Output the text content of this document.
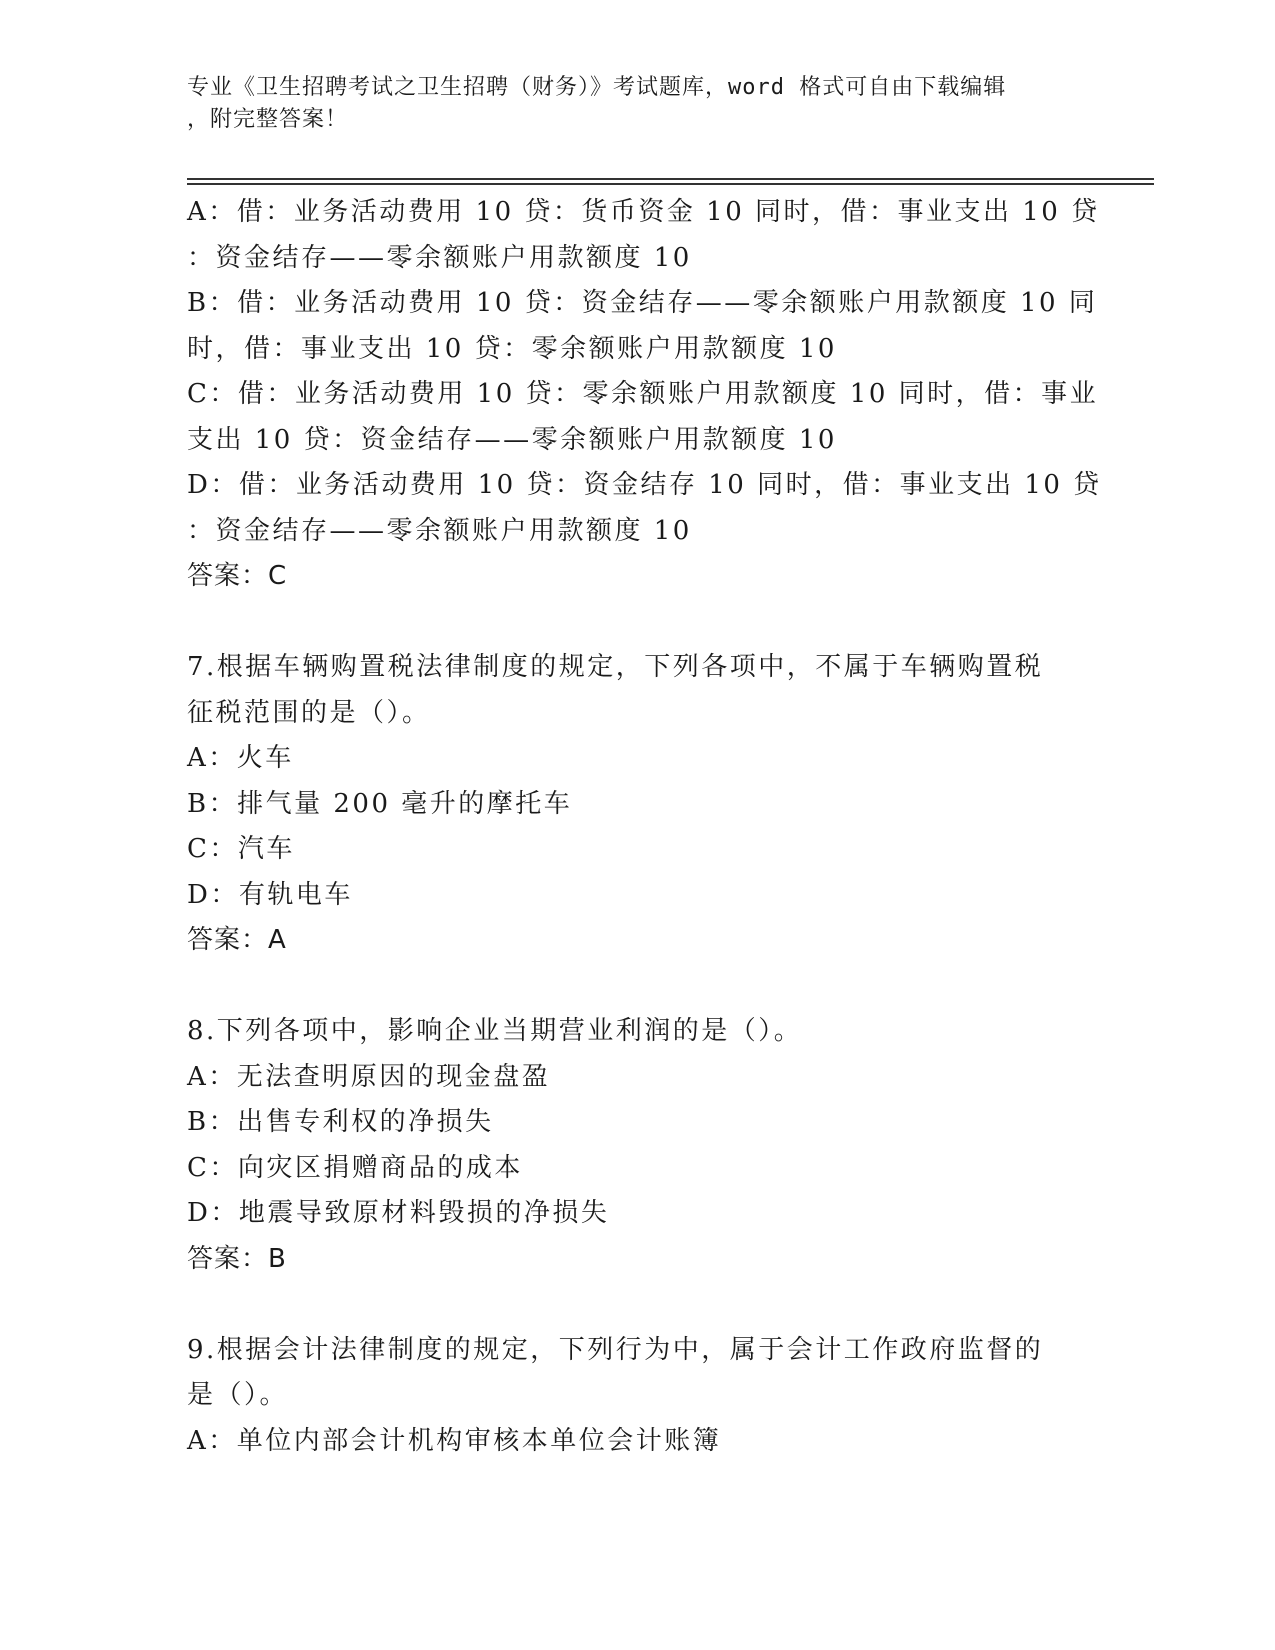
专业《卫生招聘考试之卫生招聘（财务）》考试题库，word 格式可自由下载编辑
，附完整答案！
A：借：业务活动费用 10 贷：货币资金 10 同时，借：事业支出 10 贷
：资金结存——零余额账户用款额度 10
B：借：业务活动费用 10 贷：资金结存——零余额账户用款额度 10 同
时，借：事业支出 10 贷：零余额账户用款额度 10
C：借：业务活动费用 10 贷：零余额账户用款额度 10 同时，借：事业
支出 10 贷：资金结存——零余额账户用款额度 10
D：借：业务活动费用 10 贷：资金结存 10 同时，借：事业支出 10 贷
：资金结存——零余额账户用款额度 10
答案：C
7.根据车辆购置税法律制度的规定，下列各项中，不属于车辆购置税
征税范围的是（）。
A：火车
B：排气量 200 毫升的摩托车
C：汽车
D：有轨电车
答案：A
8.下列各项中，影响企业当期营业利润的是（）。
A：无法查明原因的现金盘盈
B：出售专利权的净损失
C：向灾区捐赠商品的成本
D：地震导致原材料毁损的净损失
答案：B
9.根据会计法律制度的规定，下列行为中，属于会计工作政府监督的
是（）。
A：单位内部会计机构审核本单位会计账簿
